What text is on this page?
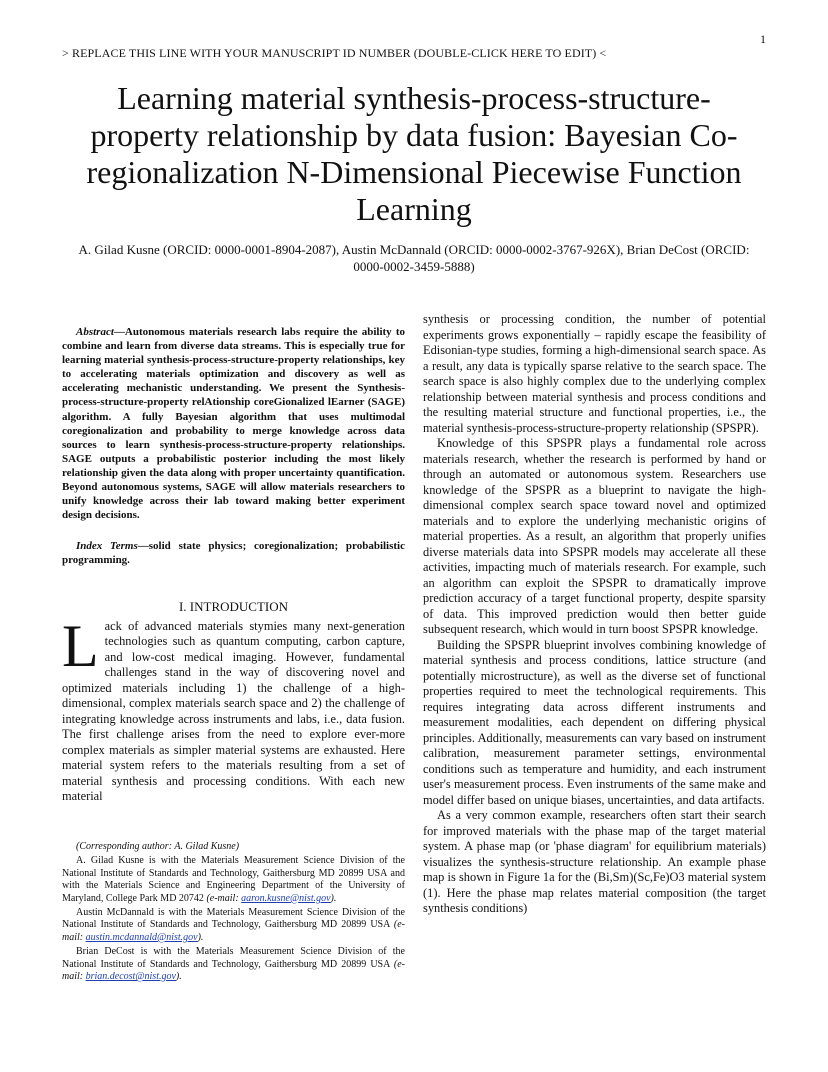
1
> REPLACE THIS LINE WITH YOUR MANUSCRIPT ID NUMBER (DOUBLE-CLICK HERE TO EDIT) <
Learning material synthesis-process-structure-property relationship by data fusion: Bayesian Co-regionalization N-Dimensional Piecewise Function Learning

A. Gilad Kusne (ORCID: 0000-0001-8904-2087), Austin McDannald (ORCID: 0000-0002-3767-926X), Brian DeCost (ORCID: 0000-0002-3459-5888)

Abstract—Autonomous materials research labs require the ability to combine and learn from diverse data streams. This is especially true for learning material synthesis-process-structure-property relationships, key to accelerating materials optimization and discovery as well as accelerating mechanistic understanding. We present the Synthesis-process-structure-property relAtionship coreGionalized lEarner (SAGE) algorithm. A fully Bayesian algorithm that uses multimodal coregionalization and probability to merge knowledge across data sources to learn synthesis-process-structure-property relationships. SAGE outputs a probabilistic posterior including the most likely relationship given the data along with proper uncertainty quantification. Beyond autonomous systems, SAGE will allow materials researchers to unify knowledge across their lab toward making better experiment design decisions.

Index Terms—solid state physics; coregionalization; probabilistic programming.

I. INTRODUCTION

Lack of advanced materials stymies many next-generation technologies such as quantum computing, carbon capture, and low-cost medical imaging. However, fundamental challenges stand in the way of discovering novel and optimized materials including 1) the challenge of a high-dimensional, complex materials search space and 2) the challenge of integrating knowledge across instruments and labs, i.e., data fusion. The first challenge arises from the need to explore ever-more complex materials as simpler material systems are exhausted. Here material system refers to the materials resulting from a set of material synthesis and processing conditions. With each new material

(Corresponding author: A. Gilad Kusne)

A. Gilad Kusne is with the Materials Measurement Science Division of the National Institute of Standards and Technology, Gaithersburg MD 20899 USA and with the Materials Science and Engineering Department of the University of Maryland, College Park MD 20742 (e-mail: aaron.kusne@nist.gov).

Austin McDannald is with the Materials Measurement Science Division of the National Institute of Standards and Technology, Gaithersburg MD 20899 USA (e-mail: austin.mcdannald@nist.gov).

Brian DeCost is with the Materials Measurement Science Division of the National Institute of Standards and Technology, Gaithersburg MD 20899 USA (e-mail: brian.decost@nist.gov).

synthesis or processing condition, the number of potential experiments grows exponentially – rapidly escape the feasibility of Edisonian-type studies, forming a high-dimensional search space. As a result, any data is typically sparse relative to the search space. The search space is also highly complex due to the underlying complex relationship between material synthesis and process conditions and the resulting material structure and functional properties, i.e., the material synthesis-process-structure-property relationship (SPSPR).

Knowledge of this SPSPR plays a fundamental role across materials research, whether the research is performed by hand or through an automated or autonomous system. Researchers use knowledge of the SPSPR as a blueprint to navigate the high-dimensional complex search space toward novel and optimized materials and to explore the underlying mechanistic origins of material properties. As a result, an algorithm that properly unifies diverse materials data into SPSPR models may accelerate all these activities, impacting much of materials research. For example, such an algorithm can exploit the SPSPR to dramatically improve prediction accuracy of a target functional property, despite sparsity of data. This improved prediction would then better guide subsequent research, which would in turn boost SPSPR knowledge.

Building the SPSPR blueprint involves combining knowledge of material synthesis and process conditions, lattice structure (and potentially microstructure), as well as the diverse set of functional properties required to meet the technological requirements. This requires integrating data across different instruments and measurement modalities, each dependent on differing physical principles. Additionally, measurements can vary based on instrument calibration, measurement parameter settings, environmental conditions such as temperature and humidity, and each instrument user's measurement process. Even instruments of the same make and model differ based on unique biases, uncertainties, and data artifacts.

As a very common example, researchers often start their search for improved materials with the phase map of the target material system. A phase map (or 'phase diagram' for equilibrium materials) visualizes the synthesis-structure relationship. An example phase map is shown in Figure 1a for the (Bi,Sm)(Sc,Fe)O3 material system (1). Here the phase map relates material composition (the target synthesis conditions)
